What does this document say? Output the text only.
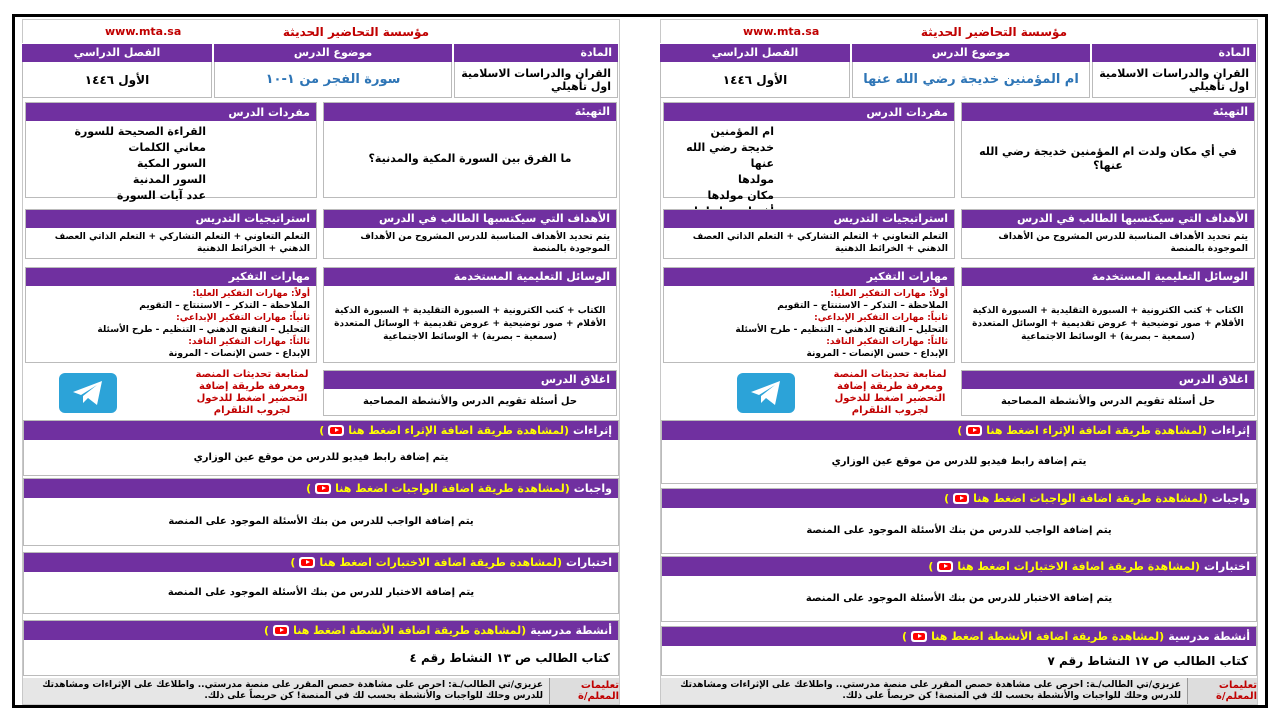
مؤسسة التحاضير الحديثة
www.mta.sa
المادة
القران والدراسات الاسلامية اول تأهيلي
موضوع الدرس
سورة الفجر من ١-١٠
الفصل الدراسي
الأول ١٤٤٦
التهيئة
ما الفرق بين السورة المكية والمدنية؟
مفردات الدرس
القراءة الصحيحة للسورة
معاني الكلمات
السور المكية
السور المدنية
عدد آيات السورة
الأهداف التي سيكتسبها الطالب في الدرس
يتم تحديد الأهداف المناسبة للدرس المشروح من الأهداف الموجودة بالمنصة
استراتيجيات التدريس
التعلم التعاوني + التعلم التشاركي + التعلم الذاتي العصف الذهني + الخرائط الذهنية
الوسائل التعليمية المستخدمة
الكتاب + كتب الكترونية + السبورة التقليدية + السبورة الذكية الأقلام + صور توضيحية + عروض تقديمية + الوسائل المتعددة (سمعية – بصرية) + الوسائط الاجتماعية
مهارات التفكير
أولاً: مهارات التفكير العليا:
الملاحظة – التذكر – الاستنتاج – التقويم
ثانياً: مهارات التفكير الإبداعي:
التحليل – التفتح الذهني – التنظيم - طرح الأسئلة
ثالثاً: مهارات التفكير الناقد:
الإبداع - حسن الإنصات - المرونة
اغلاق الدرس
حل أسئلة تقويم الدرس والأنشطة المصاحبة
لمتابعة تحديثات المنصة ومعرفة طريقة إضافة التحضير اضغط للدخول لجروب التلقرام
إثراءات
(لمشاهدة طريقة اضافة الإثراء اضغط هنا
)
يتم إضافة رابط فيديو للدرس من موقع عين الوزاري
واجبات
(لمشاهدة طريقة اضافة الواجبات اضغط هنا
)
يتم إضافة الواجب للدرس من بنك الأسئلة الموجود على المنصة
اختبارات
(لمشاهدة طريقة اضافة الاختبارات اضغط هنا
)
يتم إضافة الاختبار للدرس من بنك الأسئلة الموجود على المنصة
أنشطة مدرسية
(لمشاهدة طريقة اضافة الأنشطة اضغط هنا
)
كتاب الطالب ص ١٣ النشاط رقم ٤
تعليمات المعلم/ة
عزيزي/تي الطالب/ـة: احرص على مشاهدة حصص المقرر على منصة مدرستي.. واطلاعك على الإثراءات ومشاهدتك للدرس وحلك للواجبات والأنشطة بحسب لك في المنصة! كن حريصاً على ذلك.
مؤسسة التحاضير الحديثة
www.mta.sa
المادة
القران والدراسات الاسلامية اول تأهيلي
موضوع الدرس
ام المؤمنين خديجة رضي الله عنها
الفصل الدراسي
الأول ١٤٤٦
التهيئة
في أي مكان ولدت ام المؤمنين خديجة رضي الله عنها؟
مفردات الدرس
ام المؤمنين
خديجة رضي الله عنها
مولدها
مكان مولدها
الأهداف التي سيكتسبها الطالب في الدرس
يتم تحديد الأهداف المناسبة للدرس المشروح من الأهداف الموجودة بالمنصة
استراتيجيات التدريس
التعلم التعاوني + التعلم التشاركي + التعلم الذاتي العصف الذهني + الخرائط الذهنية
الوسائل التعليمية المستخدمة
الكتاب + كتب الكترونية + السبورة التقليدية + السبورة الذكية الأقلام + صور توضيحية + عروض تقديمية + الوسائل المتعددة (سمعية – بصرية) + الوسائط الاجتماعية
مهارات التفكير
أولاً: مهارات التفكير العليا:
الملاحظة – التذكر – الاستنتاج – التقويم
ثانياً: مهارات التفكير الإبداعي:
التحليل – التفتح الذهني – التنظيم - طرح الأسئلة
ثالثاً: مهارات التفكير الناقد:
الإبداع - حسن الإنصات - المرونة
اغلاق الدرس
حل أسئلة تقويم الدرس والأنشطة المصاحبة
لمتابعة تحديثات المنصة ومعرفة طريقة إضافة التحضير اضغط للدخول لجروب التلقرام
إثراءات
(لمشاهدة طريقة اضافة الإثراء اضغط هنا
)
يتم إضافة رابط فيديو للدرس من موقع عين الوزاري
واجبات
(لمشاهدة طريقة اضافة الواجبات اضغط هنا
)
يتم إضافة الواجب للدرس من بنك الأسئلة الموجود على المنصة
اختبارات
(لمشاهدة طريقة اضافة الاختبارات اضغط هنا
)
يتم إضافة الاختبار للدرس من بنك الأسئلة الموجود على المنصة
أنشطة مدرسية
(لمشاهدة طريقة اضافة الأنشطة اضغط هنا
)
كتاب الطالب ص ١٧ النشاط رقم ٧
تعليمات المعلم/ة
عزيزي/تي الطالب/ـة: احرص على مشاهدة حصص المقرر على منصة مدرستي.. واطلاعك على الإثراءات ومشاهدتك للدرس وحلك للواجبات والأنشطة بحسب لك في المنصة! كن حريصاً على ذلك.
